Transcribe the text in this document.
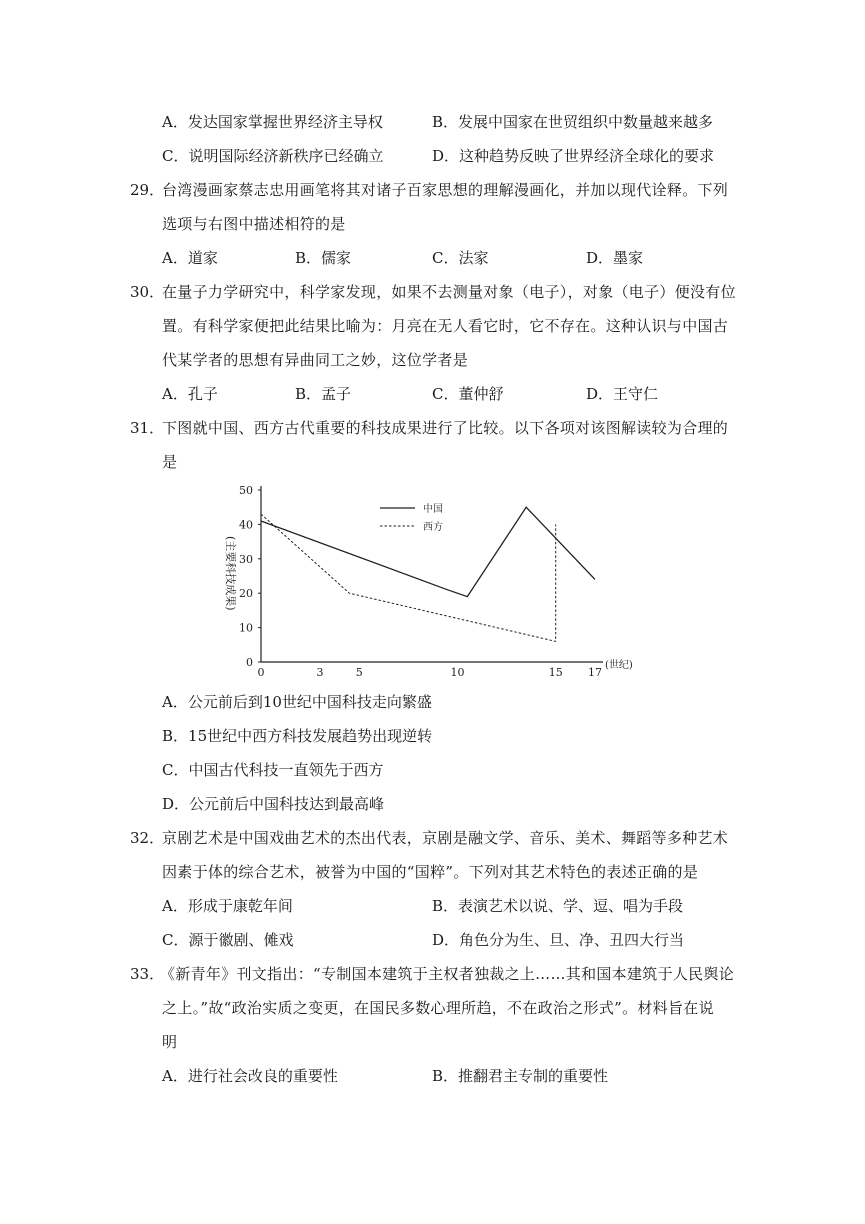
A．发达国家掌握世界经济主导权	B．发展中国家在世贸组织中数量越来越多
C．说明国际经济新秩序已经确立	D．这种趋势反映了世界经济全球化的要求
29．
台湾漫画家蔡志忠用画笔将其对诸子百家思想的理解漫画化，并加以现代诠释。下列
选项与右图中描述相符的是
A．道家	B．儒家	C．法家	D．墨家
30．
在量子力学研究中，科学家发现，如果不去测量对象（电子），对象（电子）便没有位
置。有科学家便把此结果比喻为：月亮在无人看它时，它不存在。这种认识与中国古
代某学者的思想有异曲同工之妙，这位学者是
A．孔子	B．孟子	C．董仲舒	D．王守仁
31．
下图就中国、西方古代重要的科技成果进行了比较。以下各项对该图解读较为合理的
是
0
10
20
30
40
50
0	3	5	10	15 17
中国
西方
(主要科技成果)
(世纪)
A．公元前后到10世纪中国科技走向繁盛
B．15世纪中西方科技发展趋势出现逆转
C．中国古代科技一直领先于西方
D．公元前后中国科技达到最高峰
32．
京剧艺术是中国戏曲艺术的杰出代表，京剧是融文学、音乐、美术、舞蹈等多种艺术
因素于体的综合艺术，被誉为中国的“国粹”。下列对其艺术特色的表述正确的是
A．形成于康乾年间	B．表演艺术以说、学、逗、唱为手段
C．源于徽剧、傩戏	D．角色分为生、旦、净、丑四大行当
33．
《新青年》刊文指出：“专制国本建筑于主权者独裁之上……其和国本建筑于人民舆论
之上。”故“政治实质之变更，在国民多数心理所趋，不在政治之形式”。材料旨在说
明
A．进行社会改良的重要性	B．推翻君主专制的重要性
